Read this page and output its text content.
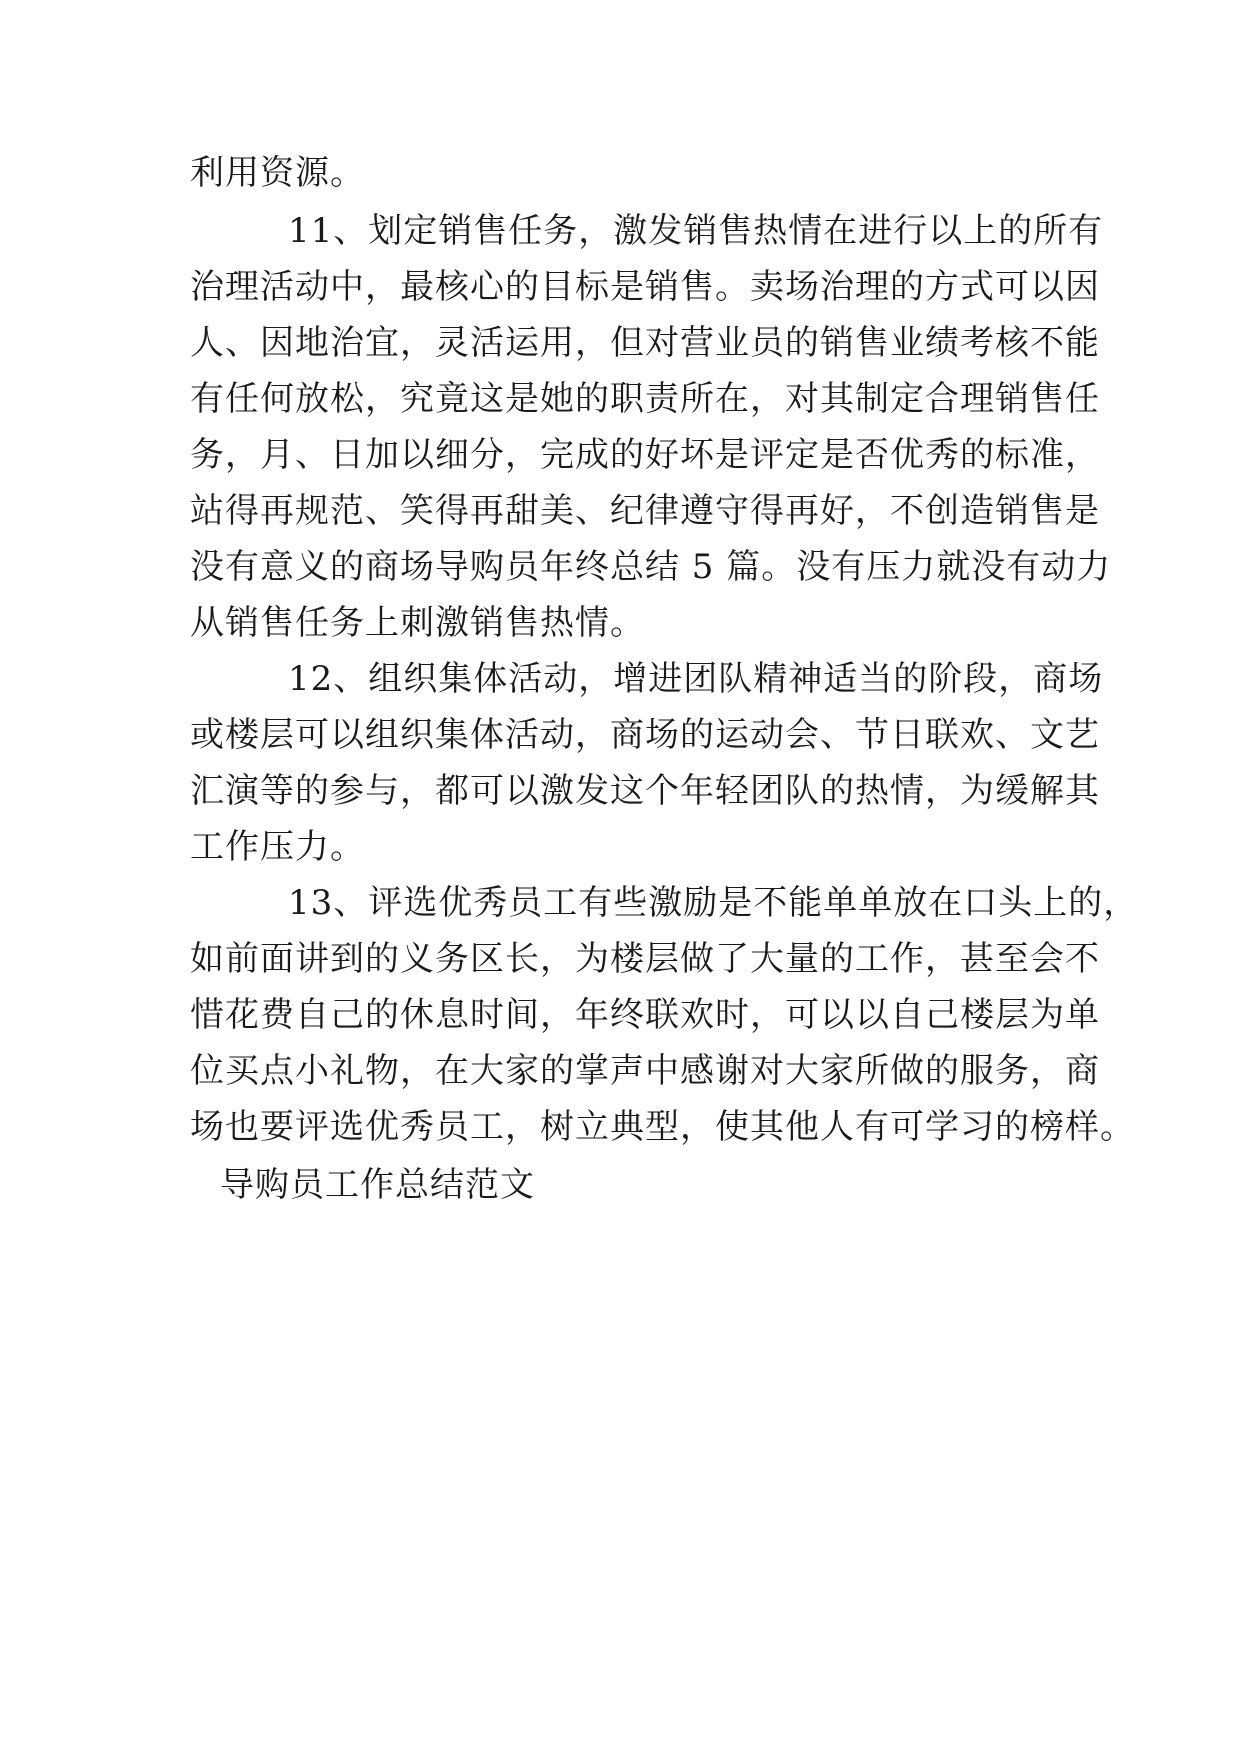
利用资源。
11、划定销售任务，激发销售热情在进行以上的所有
治理活动中，最核心的目标是销售。卖场治理的方式可以因
人、因地治宜，灵活运用，但对营业员的销售业绩考核不能
有任何放松，究竟这是她的职责所在，对其制定合理销售任
务，月、日加以细分，完成的好坏是评定是否优秀的标准，
站得再规范、笑得再甜美、纪律遵守得再好，不创造销售是
没有意义的商场导购员年终总结 5 篇。没有压力就没有动力
从销售任务上刺激销售热情。
12、组织集体活动，增进团队精神适当的阶段，商场
或楼层可以组织集体活动，商场的运动会、节日联欢、文艺
汇演等的参与，都可以激发这个年轻团队的热情，为缓解其
工作压力。
13、评选优秀员工有些激励是不能单单放在口头上的，
如前面讲到的义务区长，为楼层做了大量的工作，甚至会不
惜花费自己的休息时间，年终联欢时，可以以自己楼层为单
位买点小礼物，在大家的掌声中感谢对大家所做的服务，商
场也要评选优秀员工，树立典型，使其他人有可学习的榜样。
导购员工作总结范文
